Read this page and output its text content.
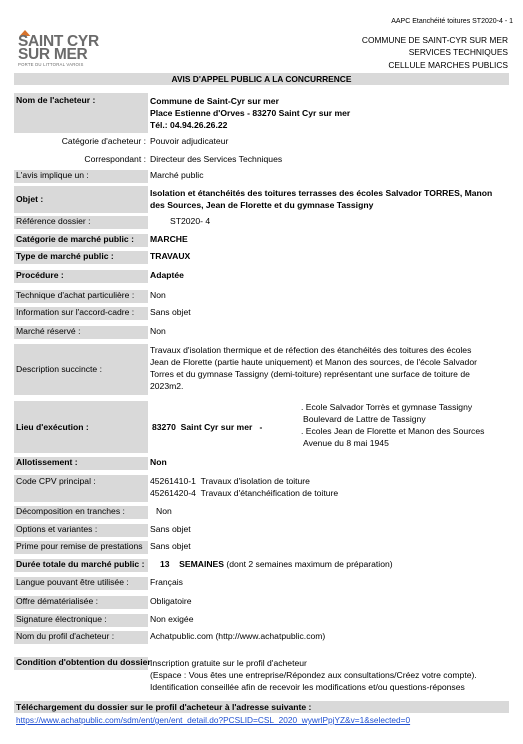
AAPC Etanchéité toitures ST2020-4 - 1
SAINT CYR
SUR MER
PORTE DU LITTORAL VAROIS
COMMUNE DE SAINT-CYR SUR MER
SERVICES TECHNIQUES
CELLULE MARCHES PUBLICS
AVIS D'APPEL PUBLIC A LA CONCURRENCE
Nom de l'acheteur :	Commune de Saint-Cyr sur mer
Place Estienne d'Orves - 83270 Saint Cyr sur mer
Tél.: 04.94.26.26.22
Catégorie d'acheteur : Pouvoir adjudicateur
Correspondant : Directeur des Services Techniques
L'avis implique un :	Marché public
Objet :
Isolation et étanchéités des toitures terrasses des écoles Salvador TORRES, Manon
des Sources, Jean de Florette et du gymnase Tassigny
Référence dossier :	ST2020- 4
Catégorie de marché public : MARCHE
Type de marché public :	TRAVAUX
Procédure :	Adaptée
Technique d'achat particulière : Non
Information sur l'accord-cadre : Sans objet
Marché réservé :	Non
Description succincte :
Travaux d'isolation thermique et de réfection des étanchéités des toitures des écoles
Jean de Florette (partie haute uniquement) et Manon des sources, de l'école Salvador
Torres et du gymnase Tassigny (demi-toiture) représentant une surface de toiture de
2023m2.
Lieu d'exécution :	83270  Saint Cyr sur mer   -
. Ecole Salvador Torrès et gymnase Tassigny
Boulevard de Lattre de Tassigny
. Ecoles Jean de Florette et Manon des Sources
Avenue du 8 mai 1945
Allotissement :	Non
Code CPV principal :	45261410-1 Travaux d'isolation de toiture
45261420-4 Travaux d'étanchéification de toiture
Décomposition en tranches :	Non
Options et variantes :	Sans objet
Prime pour remise de prestations Sans objet
Durée totale du marché public : 13 SEMAINES (dont 2 semaines maximum de préparation)
Langue pouvant être utilisée : Français
Offre dématérialisée :	Obligatoire
Signature électronique :	Non exigée
Nom du profil d'acheteur :	Achatpublic.com (http://www.achatpublic.com)
Condition d'obtention du dossier Inscription gratuite sur le profil d'acheteur
(Espace : Vous êtes une entreprise/Répondez aux consultations/Créez votre compte).
Identification conseillée afin de recevoir les modifications et/ou questions-réponses
Téléchargement du dossier sur le profil d'acheteur à l'adresse suivante :
https://www.achatpublic.com/sdm/ent/gen/ent_detail.do?PCSLID=CSL_2020_wywrlPpjYZ&v=1&selected=0
